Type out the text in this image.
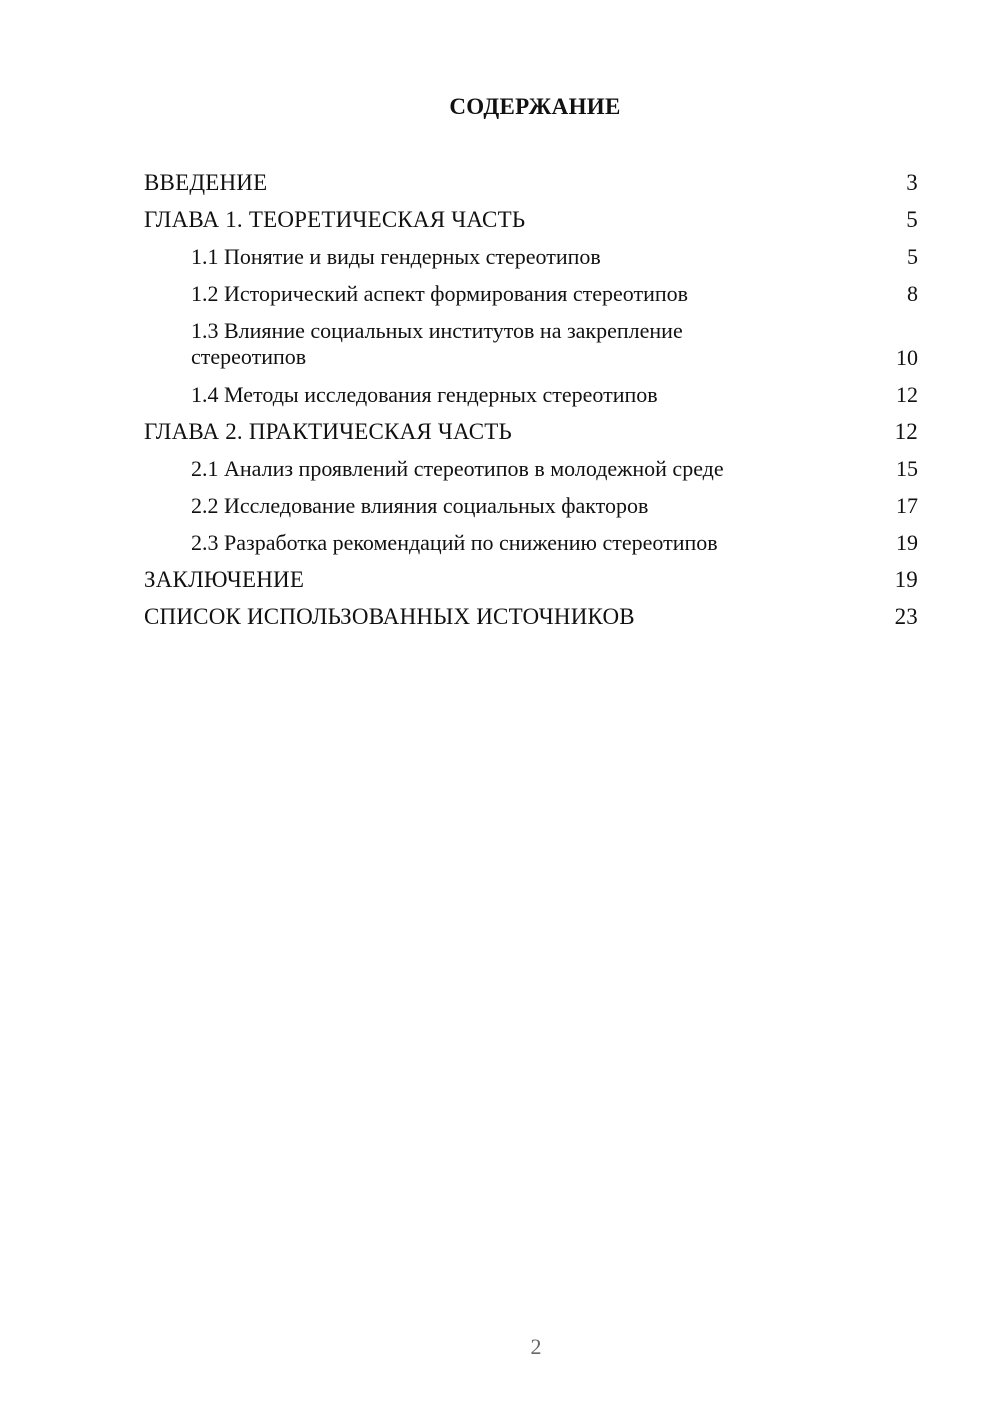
СОДЕРЖАНИЕ
ВВЕДЕНИЕ	3
ГЛАВА 1. ТЕОРЕТИЧЕСКАЯ ЧАСТЬ	5
1.1 Понятие и виды гендерных стереотипов	5
1.2 Исторический аспект формирования стереотипов	8
1.3 Влияние социальных институтов на закрепление стереотипов	10
1.4 Методы исследования гендерных стереотипов	12
ГЛАВА 2. ПРАКТИЧЕСКАЯ ЧАСТЬ	12
2.1 Анализ проявлений стереотипов в молодежной среде	15
2.2 Исследование влияния социальных факторов	17
2.3 Разработка рекомендаций по снижению стереотипов	19
ЗАКЛЮЧЕНИЕ	19
СПИСОК ИСПОЛЬЗОВАННЫХ ИСТОЧНИКОВ	23
2
